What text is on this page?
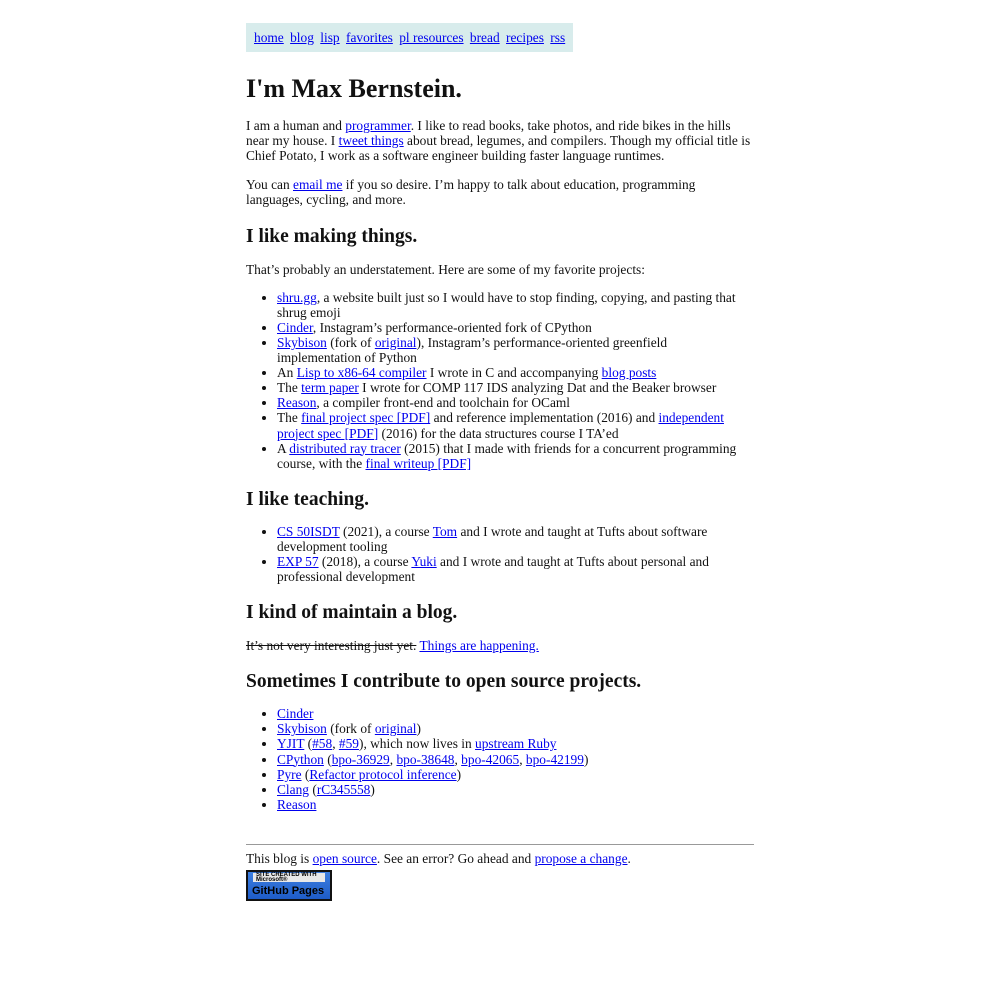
home blog lisp favorites pl resources bread recipes rss
I'm Max Bernstein.

I am a human and programmer. I like to read books, take photos, and ride bikes in the hills near my house. I tweet things about bread, legumes, and compilers. Though my official title is Chief Potato, I work as a software engineer building faster language runtimes.

You can email me if you so desire. I’m happy to talk about education, programming languages, cycling, and more.

I like making things.

That’s probably an understatement. Here are some of my favorite projects:

• shru.gg, a website built just so I would have to stop finding, copying, and pasting that shrug emoji
• Cinder, Instagram’s performance-oriented fork of CPython
• Skybison (fork of original), Instagram’s performance-oriented greenfield implementation of Python
• An Lisp to x86-64 compiler I wrote in C and accompanying blog posts
• The term paper I wrote for COMP 117 IDS analyzing Dat and the Beaker browser
• Reason, a compiler front-end and toolchain for OCaml
• The final project spec [PDF] and reference implementation (2016) and independent project spec [PDF] (2016) for the data structures course I TA’ed
• A distributed ray tracer (2015) that I made with friends for a concurrent programming course, with the final writeup [PDF]
I like teaching.
• CS 50ISDT (2021), a course Tom and I wrote and taught at Tufts about software development tooling
• EXP 57 (2018), a course Yuki and I wrote and taught at Tufts about personal and professional development
I kind of maintain a blog.

It’s not very interesting just yet. Things are happening.

Sometimes I contribute to open source projects.
• Cinder
• Skybison (fork of original)
• YJIT (#58, #59), which now lives in upstream Ruby
• CPython (bpo-36929, bpo-38648, bpo-42065, bpo-42199)
• Pyre (Refactor protocol inference)
• Clang (rC345558)
• Reason
This blog is open source. See an error? Go ahead and propose a change.
SITE CREATED WITH Microsoft®
GitHub Pages
